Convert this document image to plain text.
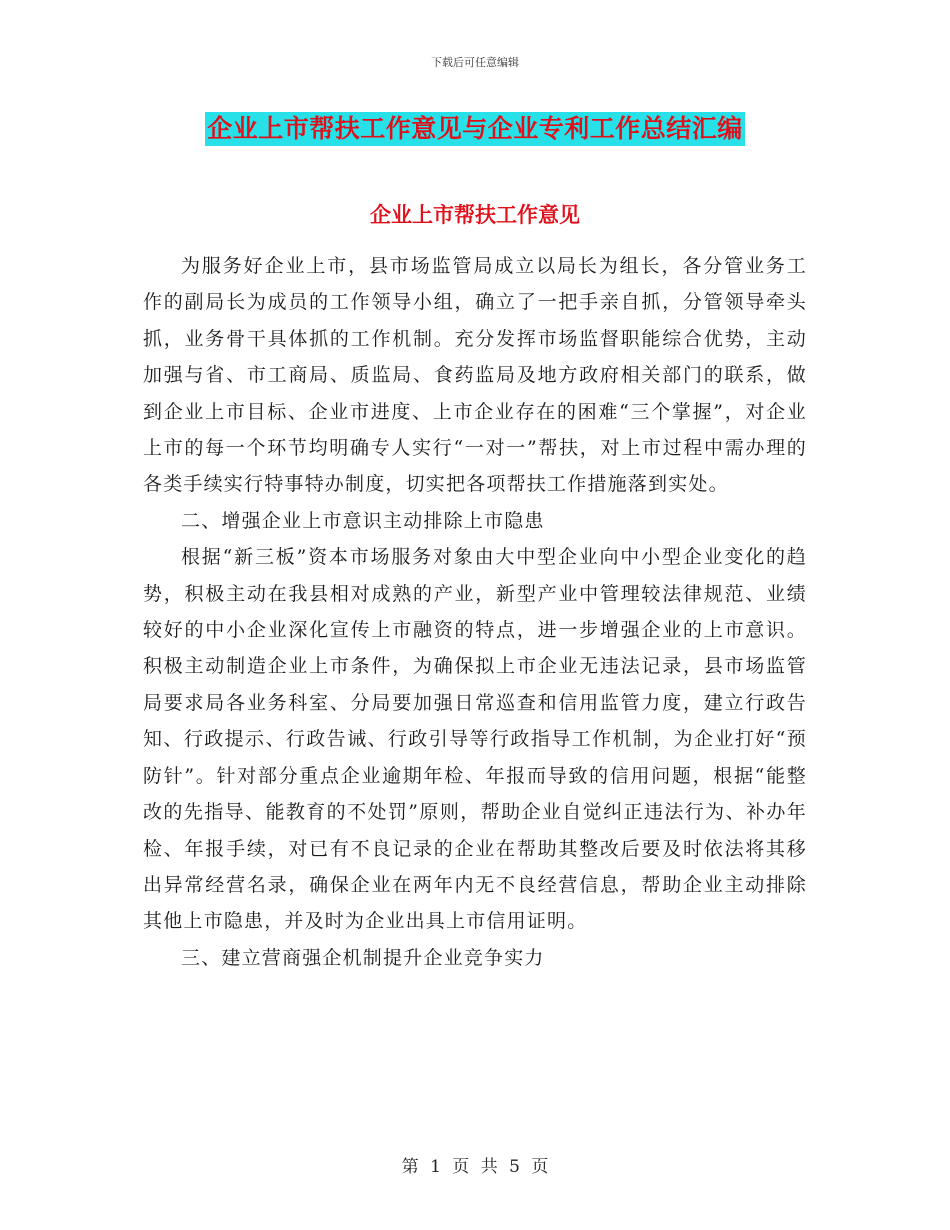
下载后可任意编辑
企业上市帮扶工作意见与企业专利工作总结汇编
企业上市帮扶工作意见

为服务好企业上市，县市场监管局成立以局长为组长，各分管业务工作的副局长为成员的工作领导小组，确立了一把手亲自抓，分管领导牵头抓，业务骨干具体抓的工作机制。充分发挥市场监督职能综合优势，主动加强与省、市工商局、质监局、食药监局及地方政府相关部门的联系，做到企业上市目标、企业市进度、上市企业存在的困难“三个掌握”，对企业上市的每一个环节均明确专人实行“一对一”帮扶，对上市过程中需办理的各类手续实行特事特办制度，切实把各项帮扶工作措施落到实处。

二、增强企业上市意识主动排除上市隐患

根据“新三板”资本市场服务对象由大中型企业向中小型企业变化的趋势，积极主动在我县相对成熟的产业，新型产业中管理较法律规范、业绩较好的中小企业深化宣传上市融资的特点，进一步增强企业的上市意识。积极主动制造企业上市条件，为确保拟上市企业无违法记录，县市场监管局要求局各业务科室、分局要加强日常巡查和信用监管力度，建立行政告知、行政提示、行政告诫、行政引导等行政指导工作机制，为企业打好“预防针”。针对部分重点企业逾期年检、年报而导致的信用问题，根据“能整改的先指导、能教育的不处罚”原则，帮助企业自觉纠正违法行为、补办年检、年报手续，对已有不良记录的企业在帮助其整改后要及时依法将其移出异常经营名录，确保企业在两年内无不良经营信息，帮助企业主动排除其他上市隐患，并及时为企业出具上市信用证明。

三、建立营商强企机制提升企业竞争实力

第 1 页 共 5 页
